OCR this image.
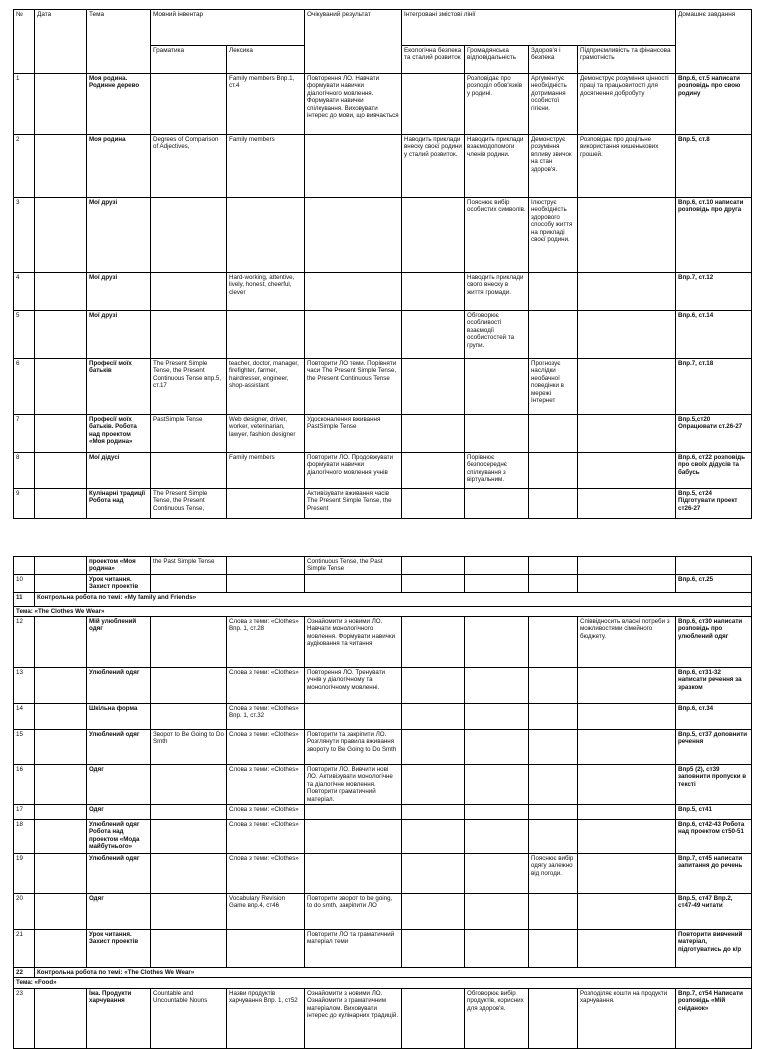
№	Дата	Тема	Мовний інвентар		Очікуваний результат	Інтегровані змістові лінії				Домашнє завдання
			Граматика	Лексика		Екологічна безпека та сталий розвиток	Громадянська відповідальність	Здоров'я і безпека	Підприємливість та фінансова грамотність	
1		Моя родина. Родинне дерево		Family members Впр.1, ст.4	Повторення ЛО. Навчати формувати навички діалогічного мовлення. Формувати навички спілкування. Виховувати інтерес до мови, що вивчається		Розповідає про розподіл обов'язків у родині.	Аргументує необхідність дотримання особистої гігієни.	Демонструє розуміння цінності праці та працьовитості для досягнення добробуту	Впр.6, ст.5 написати розповідь про свою родину
2		Моя родина	Degrees of Comparison of Adjectives,	Family members		Наводить приклади внеску своєї родини у сталий розвиток.	Наводить приклади взаємодопомоги членів родини.	Демонструє розуміння впливу звичок на стан здоров'я.	Розповідає про доцільне використання кишенькових грошей.	Впр.5, ст.8
3		Мої друзі					Пояснює вибір особистих символів.	Ілюструє необхідність здорового способу життя на прикладі своєї родини.		Впр.6, ст.10 написати розповідь про друга
4		Мої друзі		Hard-working, attentive, lively, honest, cheerful, clever			Наводить приклади свого внеску в життя громади.			Впр.7, ст.12
5		Мої друзі					Обговорює особливості взаємодії особистостей та групи.			Впр.6, ст.14
6		Професії моїх батьків	The Present Simple Tense, the Present Continuous Tense впр.5, ст.17	teacher, doctor, manager, firefighter, farmer, hairdresser, engineer, shop-assistant	Повторити ЛО теми. Порівняти часи The Present Simple Tense, the Present Continuous Tense			Прогнозує наслідки необачної поведінки в мережі Інтернет		Впр.7, ст.18
7		Професії моїх батьків. Робота над проектом «Моя родина»	PastSimple Tense	Web designer, driver, worker, veterinarian, lawyer, fashion designer	Удосконалення вживання PastSimple Tense					Впр.5,ст20 Опрацювати ст.26-27
8		Мої дідусі		Family members	Повторити ЛО. Продовжувати формувати навички діалогічного мовлення учнів		Порівнює безпосереднє спілкування з віртуальним.			Впр.6, ст22 розповідь про своїх дідусів та бабусь
9		Кулінарні традиції Робота над	The Present Simple Tense, the Present Continuous Tense,		Активізувати вживання часів The Present Simple Tense, the Present					Впр.5, ст24 Підготувати проект ст26-27
		проектом «Моя родина»	the Past Simple Tense		Continuous Tense, the Past Simple Tense					
10		Урок читання. Захист проектів								Впр.6, ст.25
11	Контрольна робота по темі: «My family and Friends»									
Тема: «The Clothes We Wear»										
12		Мій улюблений одяг		Слова з теми: «Clothes» Впр. 1, ст.28	Ознайомити з новими ЛО. Навчати монологічного мовлення. Формувати навички аудіювання та читання				Співвідносить власні потреби з можливостями сімейного бюджету.	Впр.6, ст30 написати розповідь про улюблений одяг
13		Улюблений одяг		Слова з теми: «Clothes»	Повторення ЛО. Тренувати учнів у діалогічному та монологічному мовленні.					Впр.6, ст31-32 написати речення за зразком
14		Шкільна форма		Слова з теми: «Clothes» Впр. 1, ст.32						Впр.6, ст.34
15		Улюблений одяг	Зворот to Be Going to Do Smth	Слова з теми: «Clothes»	Повторити та закріпити ЛО. Розглянути правила вживання звороту to Be Going to Do Smth					Впр.5, ст37 доповнити речення
16		Одяг		Слова з теми: «Clothes»	Повторити ЛО. Вивчити нові ЛО. Активізувати монологічне та діалогічне мовлення. Повторити граматичний матеріал.					Впр5 (2), ст39 заповнити пропуски в тексті
17		Одяг		Слова з теми: «Clothes»						Впр.5, ст41
18		Улюблений одяг Робота над проектом «Мода майбутнього»		Слова з теми: «Clothes»						Впр.6, ст42-43 Робота над проектом ст50-51
19		Улюблений одяг		Слова з теми: «Clothes»				Пояснює вибір одягу залежно від погоди.		Впр.7, ст45 написати запитання до речень
20		Одяг		Vocabulary Revision Game впр.4, ст46	Повторити зворот to be going, to do smth, закріпити ЛО					Впр.5, ст47 Впр.2, ст47-49 читати
21		Урок читання. Захист проектів			Повторити ЛО та граматичний матеріал теми					Повторити вивчений матеріал, підготуватись до к/р
22	Контрольна робота по темі: «The Clothes We Wear»									
Тема: «Food»										
23		Їжа. Продукти харчування	Countable and Uncountable Nouns	Назви продуктів харчування Впр. 1, ст52	Ознайомити з новими ЛО. Ознайомити з граматичним матеріалом. Виховувати інтерес до кулінарних традицій.		Обговорює вибір продуктів, корисних для здоров'я.		Розподіляє кошти на продукти харчування.	Впр.7, ст54 Написати розповідь «Мій сніданок»
